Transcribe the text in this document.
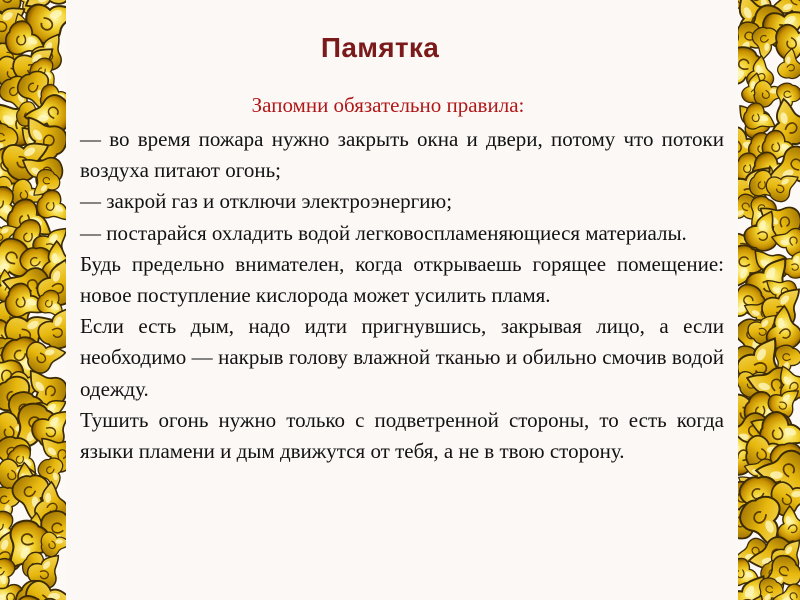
Памятка
Запомни обязательно правила:

— во время пожара нужно закрыть окна и двери, потому что потоки воздуха питают огонь;

— закрой газ и отключи электроэнергию;

— постарайся охладить водой легковоспламеняющиеся материалы.

Будь предельно внимателен, когда открываешь горящее помещение: новое поступление кислорода может усилить пламя.

Если есть дым, надо идти пригнувшись, закрывая лицо, а если необходимо — накрыв голову влажной тканью и обильно смочив водой одежду.

Тушить огонь нужно только с подветренной стороны, то есть когда языки пламени и дым движутся от тебя, а не в твою сторону.
